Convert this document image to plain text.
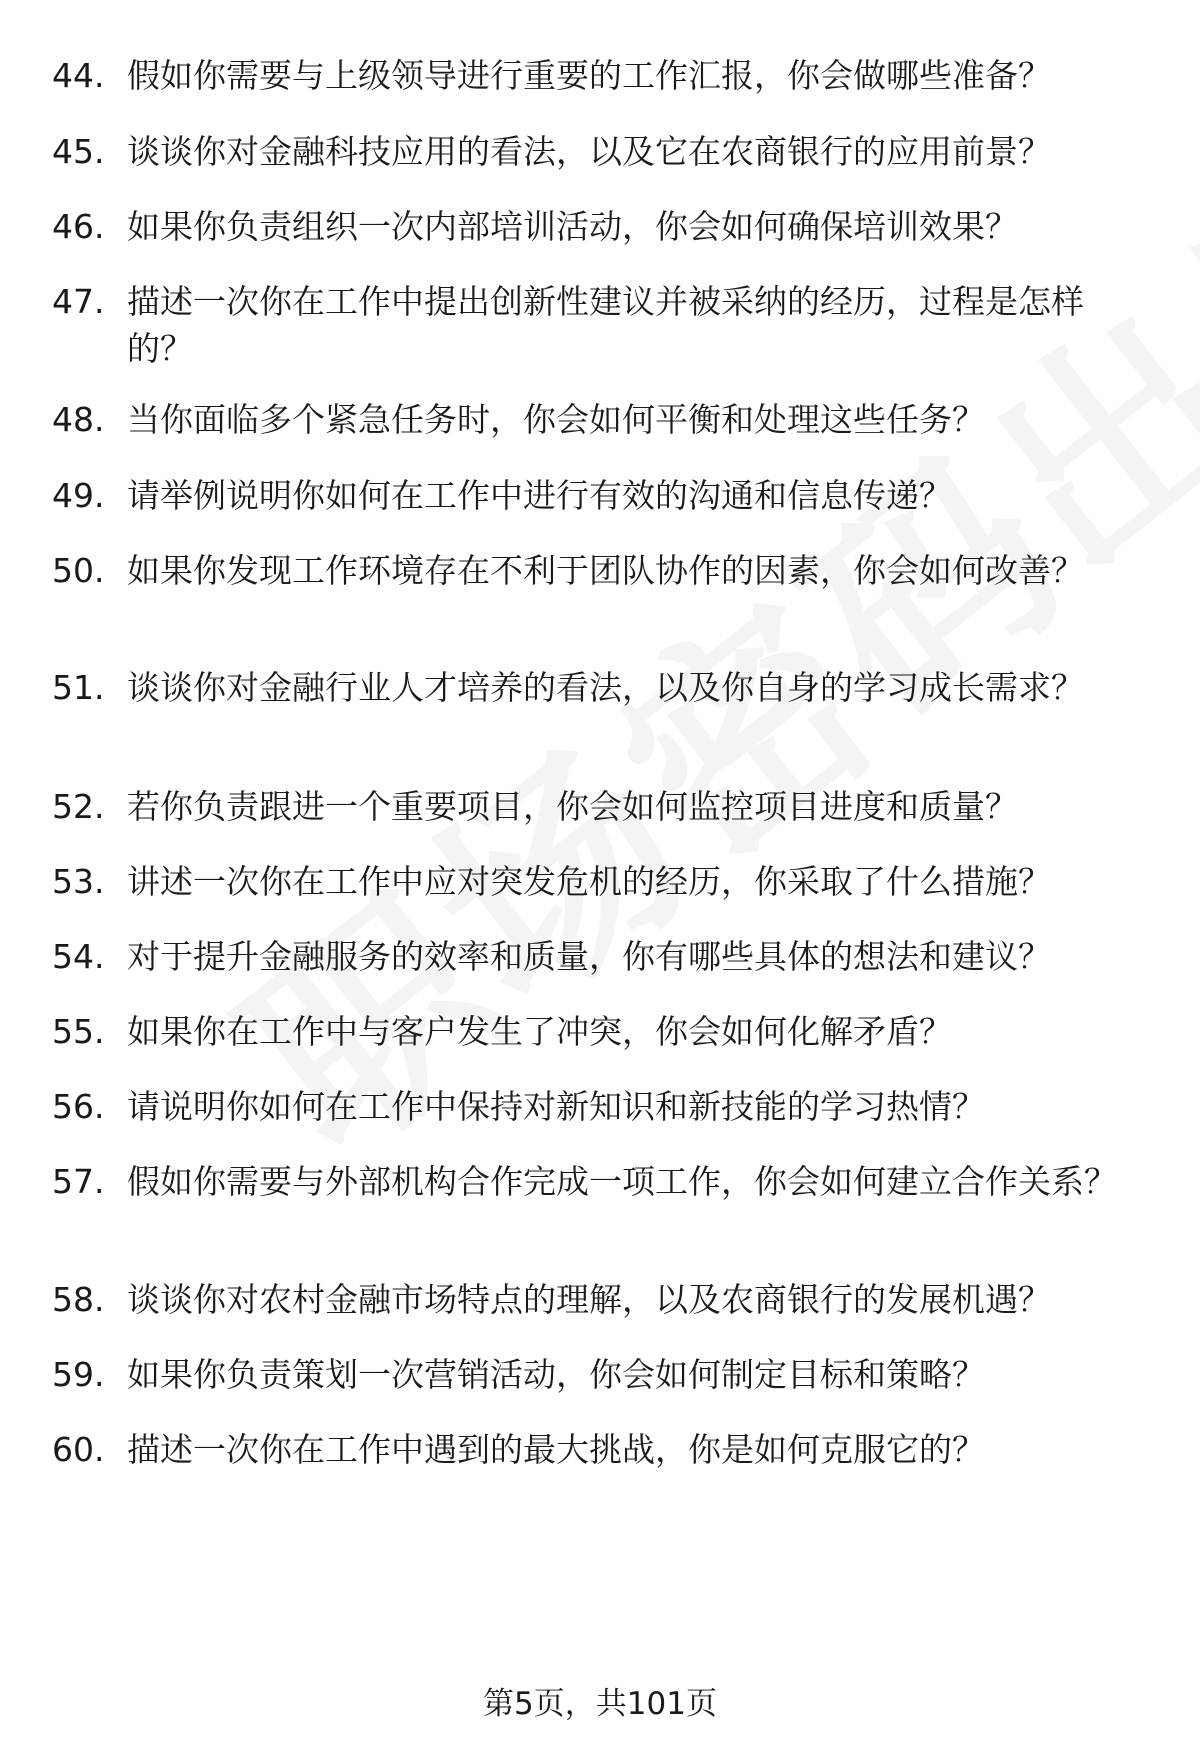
44. 假如你需要与上级领导进行重要的工作汇报，你会做哪些准备？
45. 谈谈你对金融科技应用的看法，以及它在农商银行的应用前景？
46. 如果你负责组织一次内部培训活动，你会如何确保培训效果？
47. 描述一次你在工作中提出创新性建议并被采纳的经历，过程是怎样的？
48. 当你面临多个紧急任务时，你会如何平衡和处理这些任务？
49. 请举例说明你如何在工作中进行有效的沟通和信息传递？
50. 如果你发现工作环境存在不利于团队协作的因素，你会如何改善？
51. 谈谈你对金融行业人才培养的看法，以及你自身的学习成长需求？
52. 若你负责跟进一个重要项目，你会如何监控项目进度和质量？
53. 讲述一次你在工作中应对突发危机的经历，你采取了什么措施？
54. 对于提升金融服务的效率和质量，你有哪些具体的想法和建议？
55. 如果你在工作中与客户发生了冲突，你会如何化解矛盾？
56. 请说明你如何在工作中保持对新知识和新技能的学习热情？
57. 假如你需要与外部机构合作完成一项工作，你会如何建立合作关系？
58. 谈谈你对农村金融市场特点的理解，以及农商银行的发展机遇？
59. 如果你负责策划一次营销活动，你会如何制定目标和策略？
60. 描述一次你在工作中遇到的最大挑战，你是如何克服它的？
第5页，共101页
